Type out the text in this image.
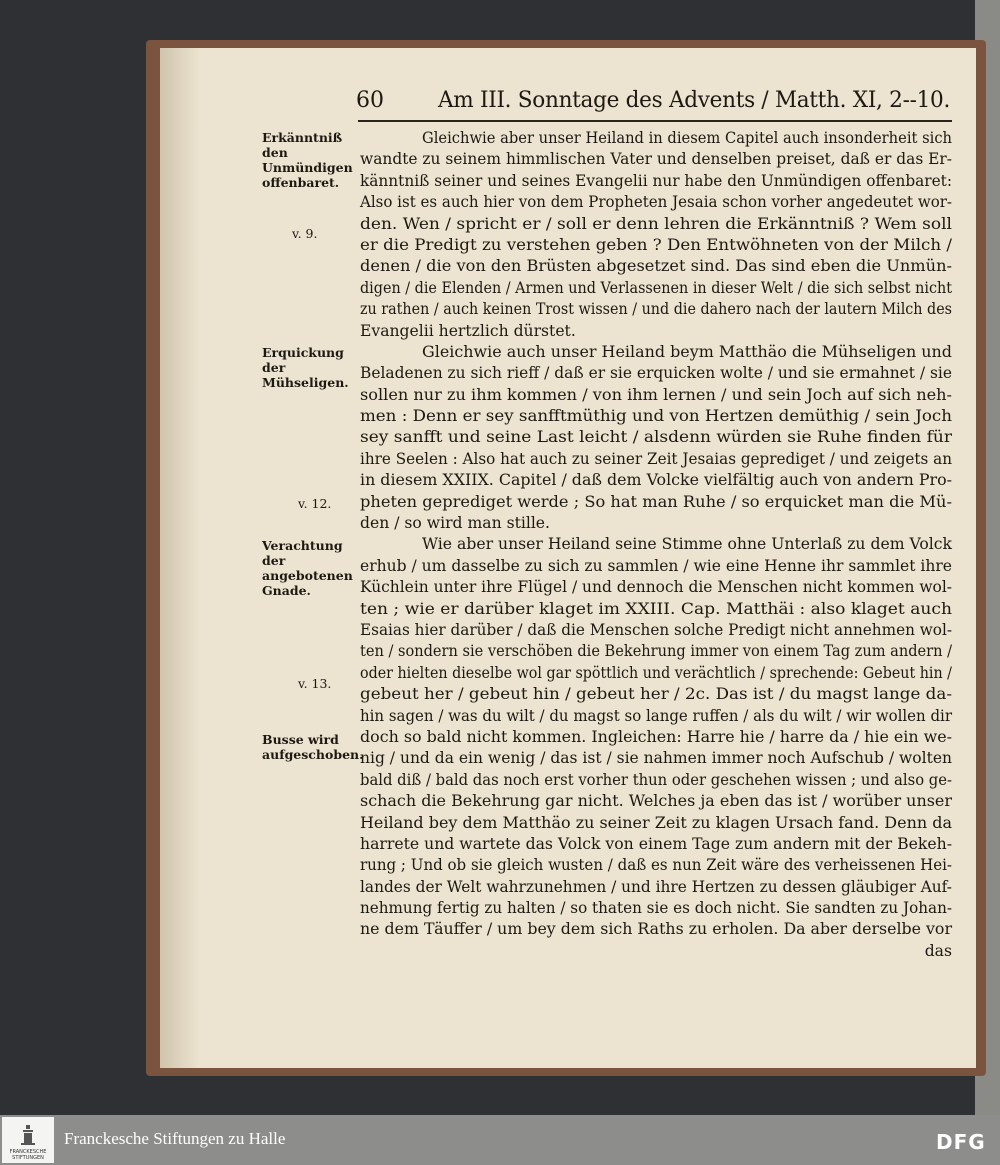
60 Am III. Sonntage des Advents / Matth. XI, 2--10.
Erkänntniß den Unmündigen offenbaret.
v. 9.
Erquickung der Mühseligen.
v. 12.
Verachtung der angebotenen Gnade.
v. 13.
Busse wird aufgeschoben.
Gleichwie aber unser Heiland in diesem Capitel auch insonderheit sich
wandte zu seinem himmlischen Vater und denselben preiset, daß er das Er-
känntniß seiner und seines Evangelii nur habe den Unmündigen offenbaret:
Also ist es auch hier von dem Propheten Jesaia schon vorher angedeutet wor-
den. Wen / spricht er / soll er denn lehren die Erkänntniß ? Wem soll
er die Predigt zu verstehen geben ? Den Entwöhneten von der Milch /
denen / die von den Brüsten abgesetzet sind. Das sind eben die Unmün-
digen / die Elenden / Armen und Verlassenen in dieser Welt / die sich selbst nicht
zu rathen / auch keinen Trost wissen / und die dahero nach der lautern Milch des
Evangelii hertzlich dürstet.
Gleichwie auch unser Heiland beym Matthäo die Mühseligen und
Beladenen zu sich rieff / daß er sie erquicken wolte / und sie ermahnet / sie
sollen nur zu ihm kommen / von ihm lernen / und sein Joch auf sich neh-
men : Denn er sey sanfftmüthig und von Hertzen demüthig / sein Joch
sey sanfft und seine Last leicht / alsdenn würden sie Ruhe finden für
ihre Seelen : Also hat auch zu seiner Zeit Jesaias geprediget / und zeigets an
in diesem XXIIX. Capitel / daß dem Volcke vielfältig auch von andern Pro-
pheten geprediget werde ; So hat man Ruhe / so erquicket man die Mü-
den / so wird man stille.
Wie aber unser Heiland seine Stimme ohne Unterlaß zu dem Volck
erhub / um dasselbe zu sich zu sammlen / wie eine Henne ihr sammlet ihre
Küchlein unter ihre Flügel / und dennoch die Menschen nicht kommen wol-
ten ; wie er darüber klaget im XXIII. Cap. Matthäi : also klaget auch
Esaias hier darüber / daß die Menschen solche Predigt nicht annehmen wol-
ten / sondern sie verschöben die Bekehrung immer von einem Tag zum andern /
oder hielten dieselbe wol gar spöttlich und verächtlich / sprechende: Gebeut hin /
gebeut her / gebeut hin / gebeut her / 2c. Das ist / du magst lange da-
hin sagen / was du wilt / du magst so lange ruffen / als du wilt / wir wollen dir
doch so bald nicht kommen. Ingleichen: Harre hie / harre da / hie ein we-
nig / und da ein wenig / das ist / sie nahmen immer noch Aufschub / wolten
bald diß / bald das noch erst vorher thun oder geschehen wissen ; und also ge-
schach die Bekehrung gar nicht. Welches ja eben das ist / worüber unser
Heiland bey dem Matthäo zu seiner Zeit zu klagen Ursach fand. Denn da
harrete und wartete das Volck von einem Tage zum andern mit der Bekeh-
rung ; Und ob sie gleich wusten / daß es nun Zeit wäre des verheissenen Hei-
landes der Welt wahrzunehmen / und ihre Hertzen zu dessen gläubiger Auf-
nehmung fertig zu halten / so thaten sie es doch nicht. Sie sandten zu Johan-
ne dem Täuffer / um bey dem sich Raths zu erholen. Da aber derselbe vor
das
FRANCKESCHE STIFTUNGEN
Franckesche Stiftungen zu Halle	DFG
